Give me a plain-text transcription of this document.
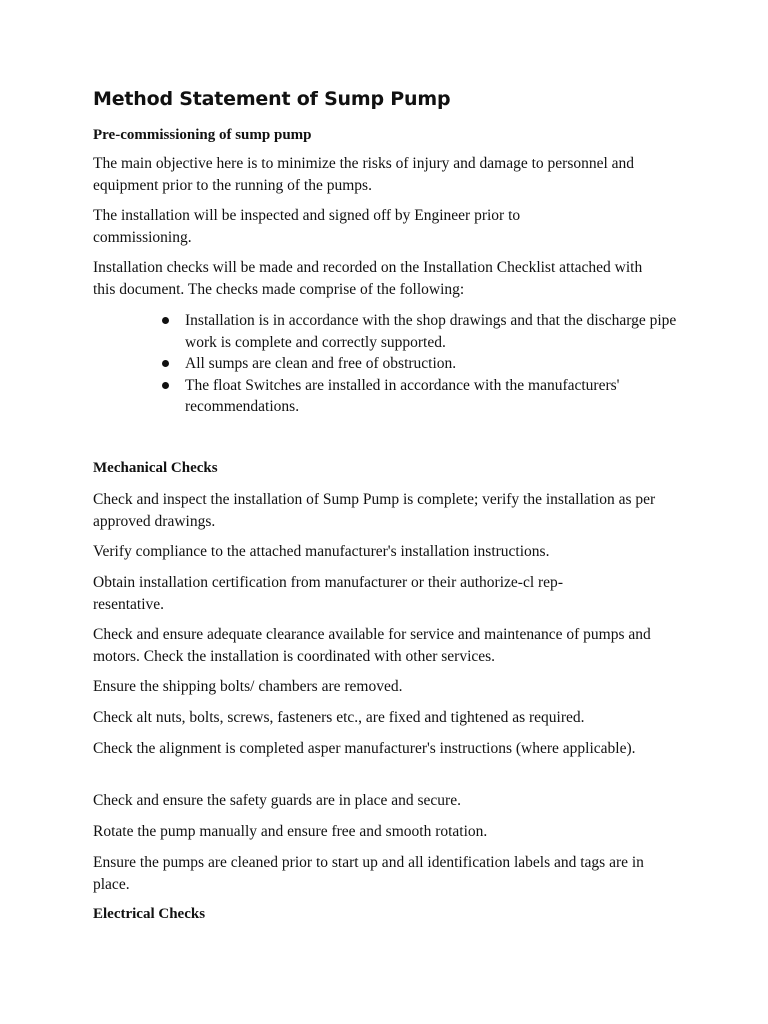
Method Statement of Sump Pump
Pre-commissioning of sump pump

The main objective here is to minimize the risks of injury and damage to personnel and equipment prior to the running of the pumps.

The installation will be inspected and signed off by Engineer prior to commissioning.

Installation checks will be made and recorded on the Installation Checklist attached with this document. The checks made comprise of the following:

Installation is in accordance with the shop drawings and that the discharge pipe work is complete and correctly supported.
All sumps are clean and free of obstruction.
The float Switches are installed in accordance with the manufacturers' recommendations.
Mechanical Checks

Check and inspect the installation of Sump Pump is complete; verify the installation as per approved drawings.

Verify compliance to the attached manufacturer's installation instructions.

Obtain installation certification from manufacturer or their authorize-cl representative.

Check and ensure adequate clearance available for service and maintenance of pumps and motors. Check the installation is coordinated with other services.

Ensure the shipping bolts/ chambers are removed.

Check alt nuts, bolts, screws, fasteners etc., are fixed and tightened as required.

Check the alignment is completed asper manufacturer's instructions (where applicable).

Check and ensure the safety guards are in place and secure.

Rotate the pump manually and ensure free and smooth rotation.

Ensure the pumps are cleaned prior to start up and all identification labels and tags are in place.

Electrical Checks
